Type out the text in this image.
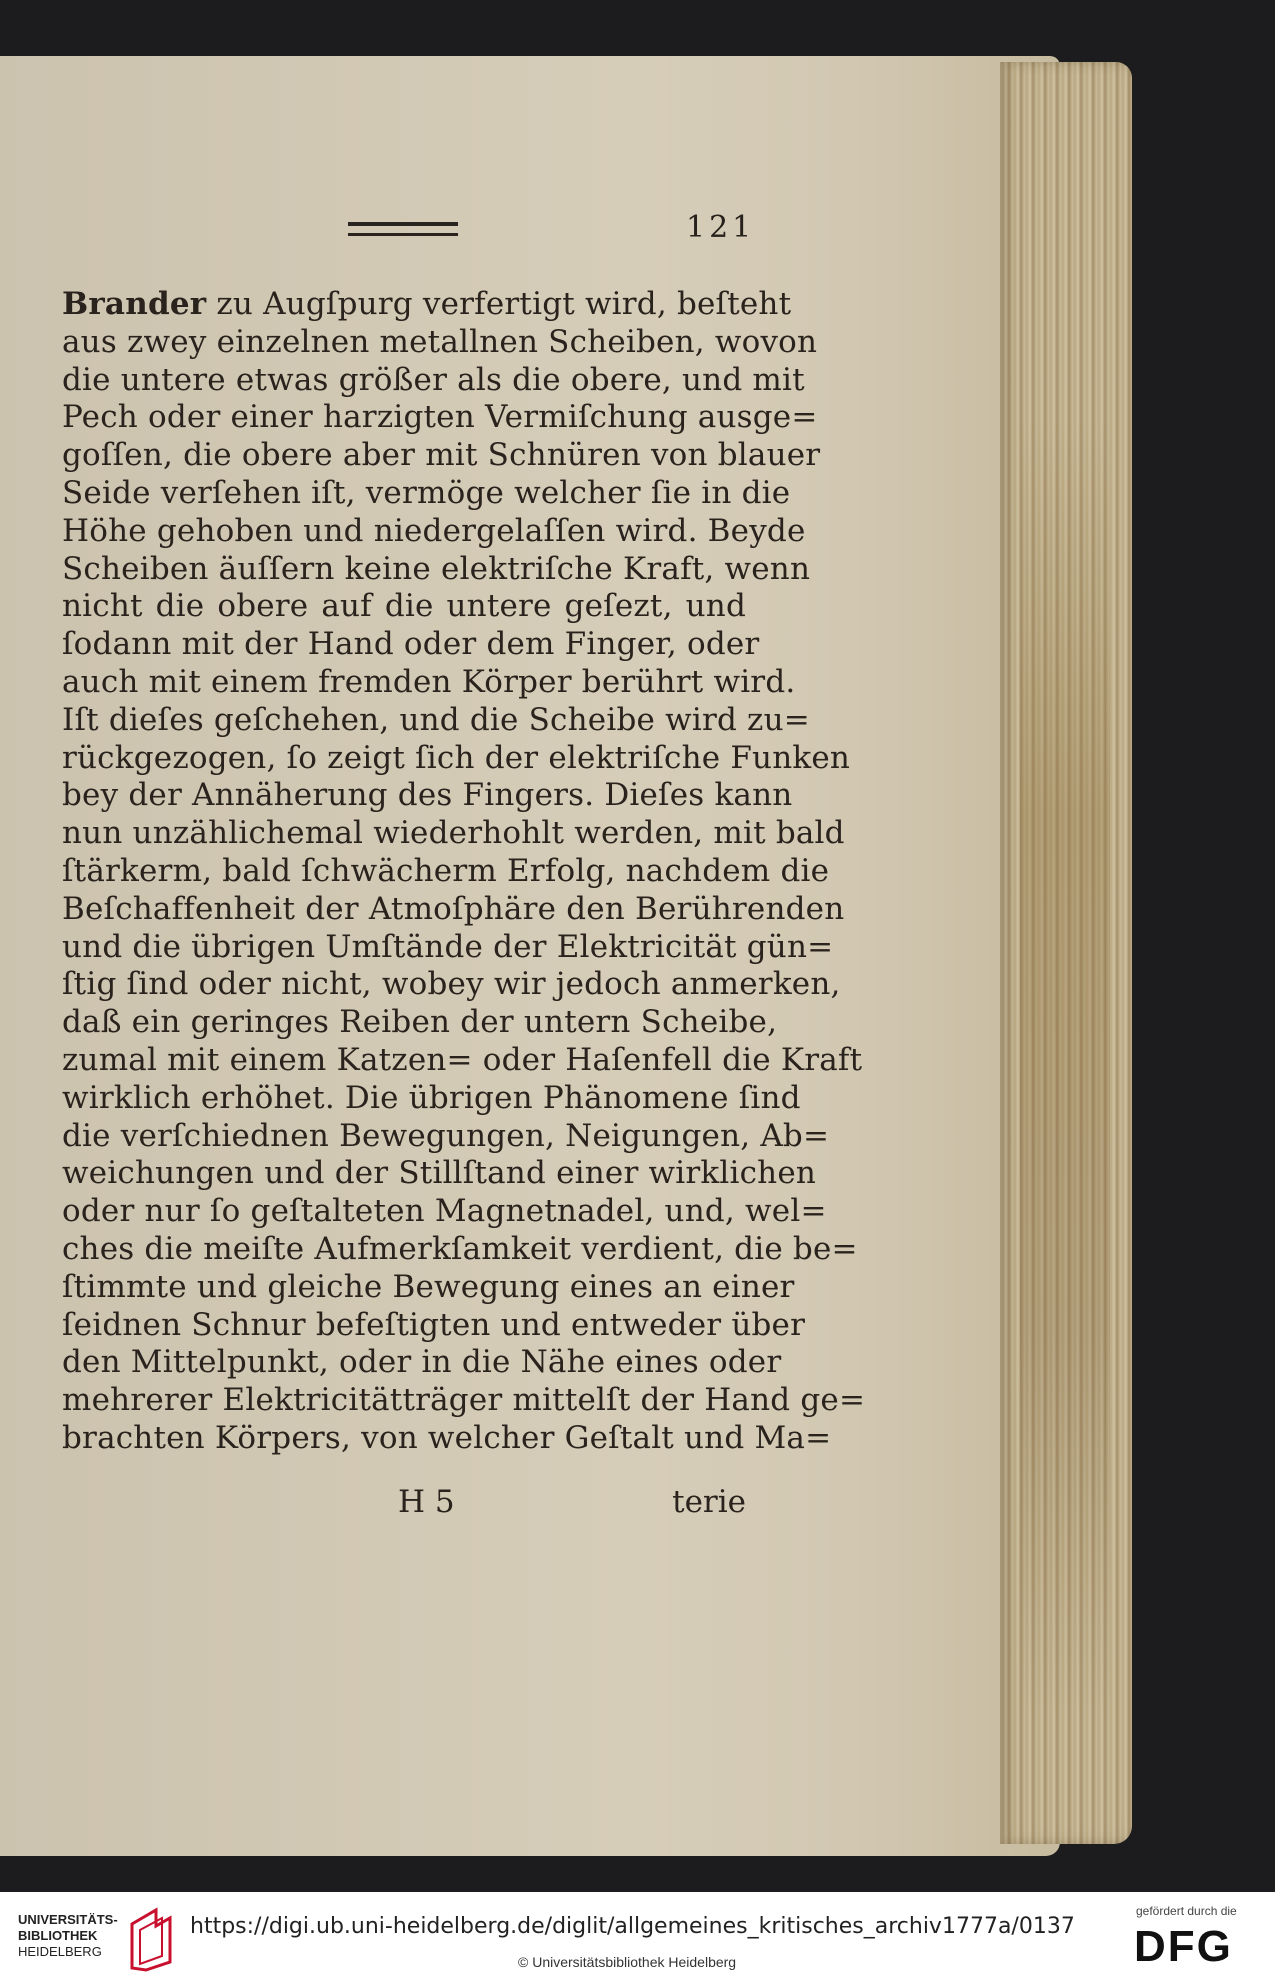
121
Brander zu Augſpurg verfertigt wird, beſteht
aus zwey einzelnen metallnen Scheiben, wovon
die untere etwas größer als die obere, und mit
Pech oder einer harzigten Vermiſchung ausge=
goſſen, die obere aber mit Schnüren von blauer
Seide verſehen iſt, vermöge welcher ſie in die
Höhe gehoben und niedergelaſſen wird. Beyde
Scheiben äuſſern keine elektriſche Kraft, wenn
nicht die obere auf die untere geſezt, und
ſodann mit der Hand oder dem Finger, oder
auch mit einem fremden Körper berührt wird.
Iſt dieſes geſchehen, und die Scheibe wird zu=
rückgezogen, ſo zeigt ſich der elektriſche Funken
bey der Annäherung des Fingers. Dieſes kann
nun unzählichemal wiederhohlt werden, mit bald
ſtärkerm, bald ſchwächerm Erfolg, nachdem die
Beſchaffenheit der Atmoſphäre den Berührenden
und die übrigen Umſtände der Elektricität gün=
ſtig ſind oder nicht, wobey wir jedoch anmerken,
daß ein geringes Reiben der untern Scheibe,
zumal mit einem Katzen= oder Haſenfell die Kraft
wirklich erhöhet. Die übrigen Phänomene ſind
die verſchiednen Bewegungen, Neigungen, Ab=
weichungen und der Stillſtand einer wirklichen
oder nur ſo geſtalteten Magnetnadel, und, wel=
ches die meiſte Aufmerkſamkeit verdient, die be=
ſtimmte und gleiche Bewegung eines an einer
ſeidnen Schnur befeſtigten und entweder über
den Mittelpunkt, oder in die Nähe eines oder
mehrerer Elektricitätträger mittelſt der Hand ge=
brachten Körpers, von welcher Geſtalt und Ma=
H 5	terie
UNIVERSITÄTS-
BIBLIOTHEK
HEIDELBERG
https://digi.ub.uni-heidelberg.de/diglit/allgemeines_kritisches_archiv1777a/0137
© Universitätsbibliothek Heidelberg
gefördert durch die
DFG
